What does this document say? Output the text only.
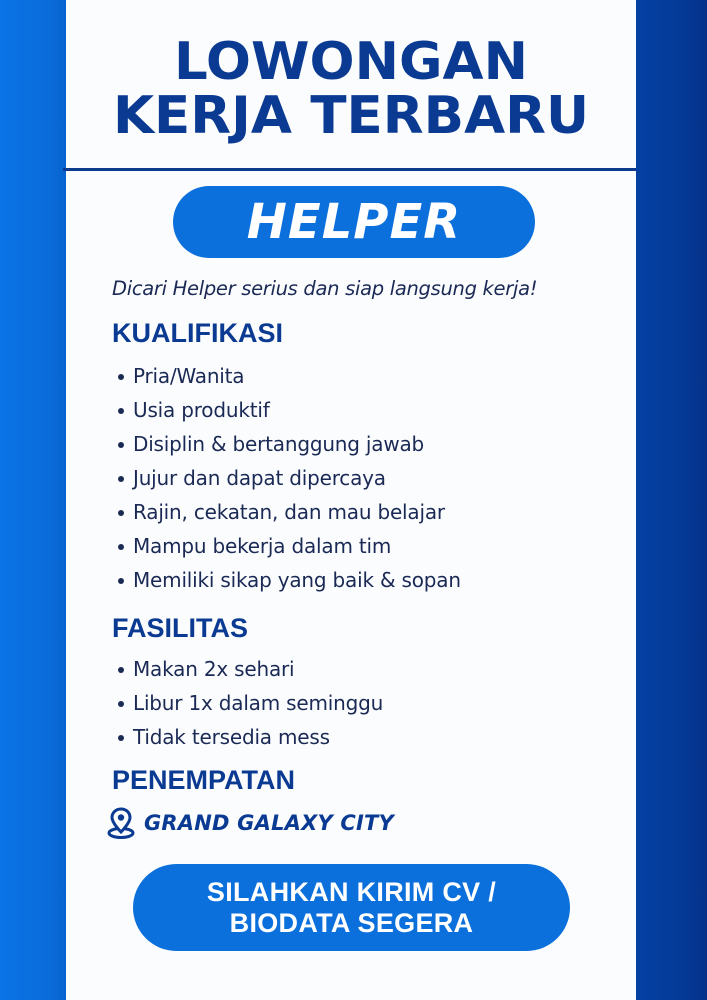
LOWONGAN
KERJA TERBARU
HELPER
Dicari Helper serius dan siap langsung kerja!
KUALIFIKASI
Pria/Wanita
Usia produktif
Disiplin & bertanggung jawab
Jujur dan dapat dipercaya
Rajin, cekatan, dan mau belajar
Mampu bekerja dalam tim
Memiliki sikap yang baik & sopan
FASILITAS
Makan 2x sehari
Libur 1x dalam seminggu
Tidak tersedia mess
PENEMPATAN
GRAND GALAXY CITY
SILAHKAN KIRIM CV /
BIODATA SEGERA
